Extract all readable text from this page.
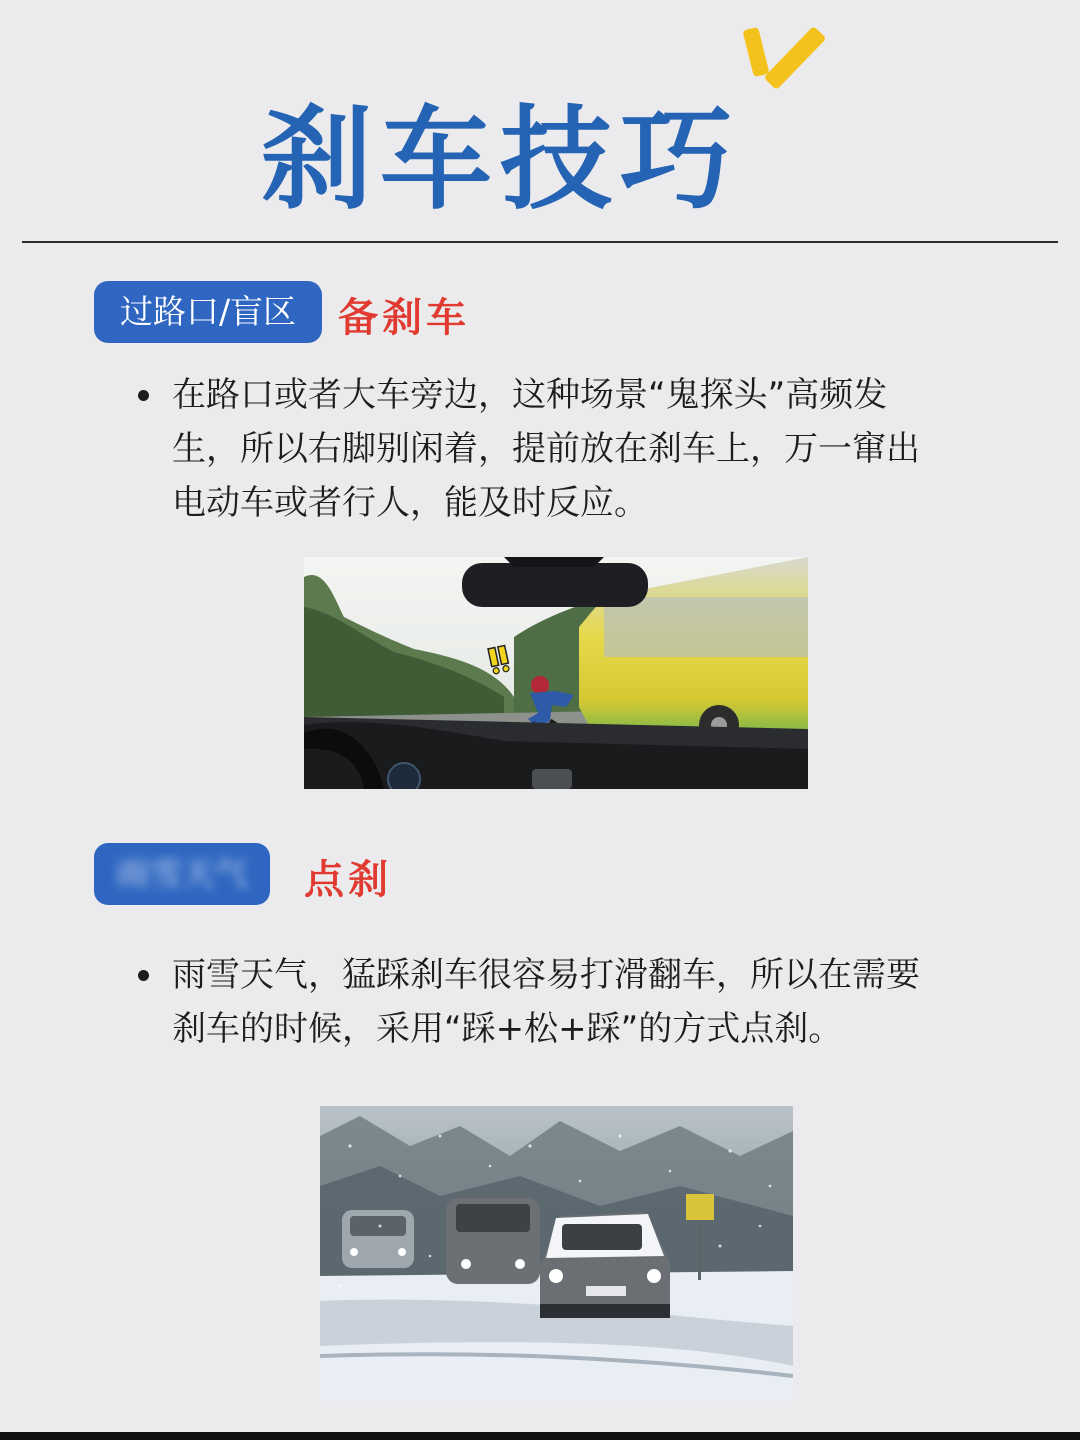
刹车技巧
过路口/盲区	备刹车
在路口或者大车旁边，这种场景“鬼探头”高频发生，所以右脚别闲着，提前放在刹车上，万一窜出电动车或者行人，能及时反应。
雨雪天气	点刹
雨雪天气，猛踩刹车很容易打滑翻车，所以在需要刹车的时候，采用“踩+松+踩”的方式点刹。
